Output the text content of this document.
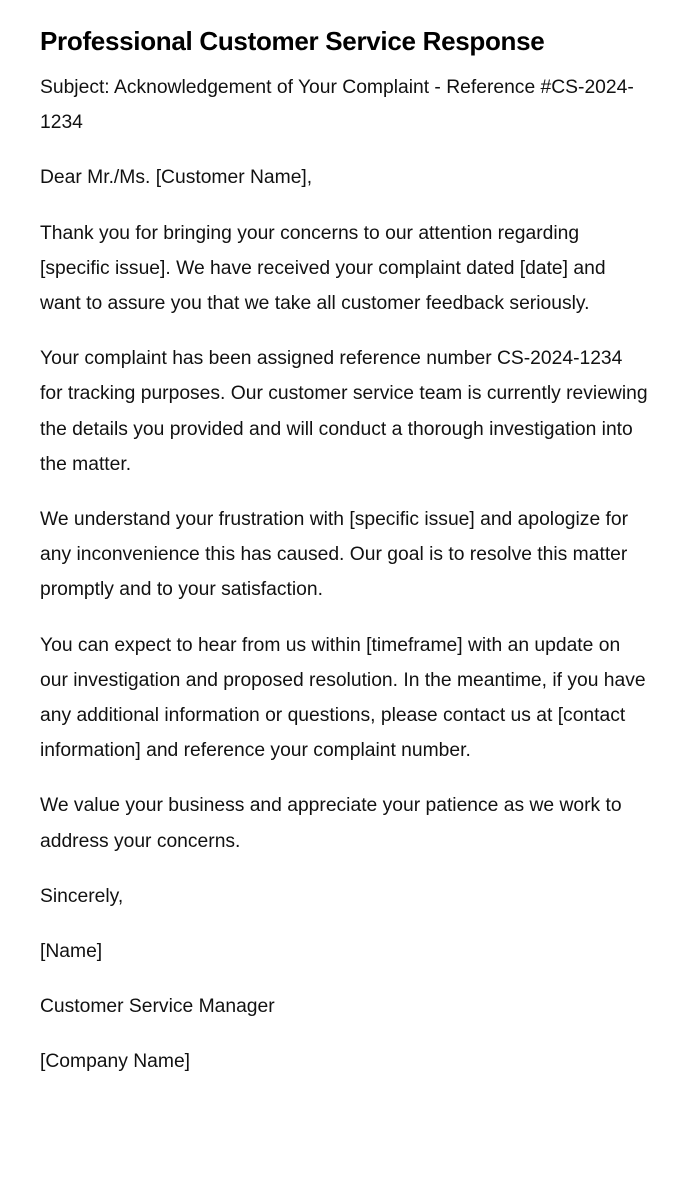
Professional Customer Service Response

Subject: Acknowledgement of Your Complaint - Reference #CS-2024-1234

Dear Mr./Ms. [Customer Name],

Thank you for bringing your concerns to our attention regarding [specific issue]. We have received your complaint dated [date] and want to assure you that we take all customer feedback seriously.

Your complaint has been assigned reference number CS-2024-1234 for tracking purposes. Our customer service team is currently reviewing the details you provided and will conduct a thorough investigation into the matter.

We understand your frustration with [specific issue] and apologize for any inconvenience this has caused. Our goal is to resolve this matter promptly and to your satisfaction.

You can expect to hear from us within [timeframe] with an update on our investigation and proposed resolution. In the meantime, if you have any additional information or questions, please contact us at [contact information] and reference your complaint number.

We value your business and appreciate your patience as we work to address your concerns.

Sincerely,

[Name]

Customer Service Manager

[Company Name]
